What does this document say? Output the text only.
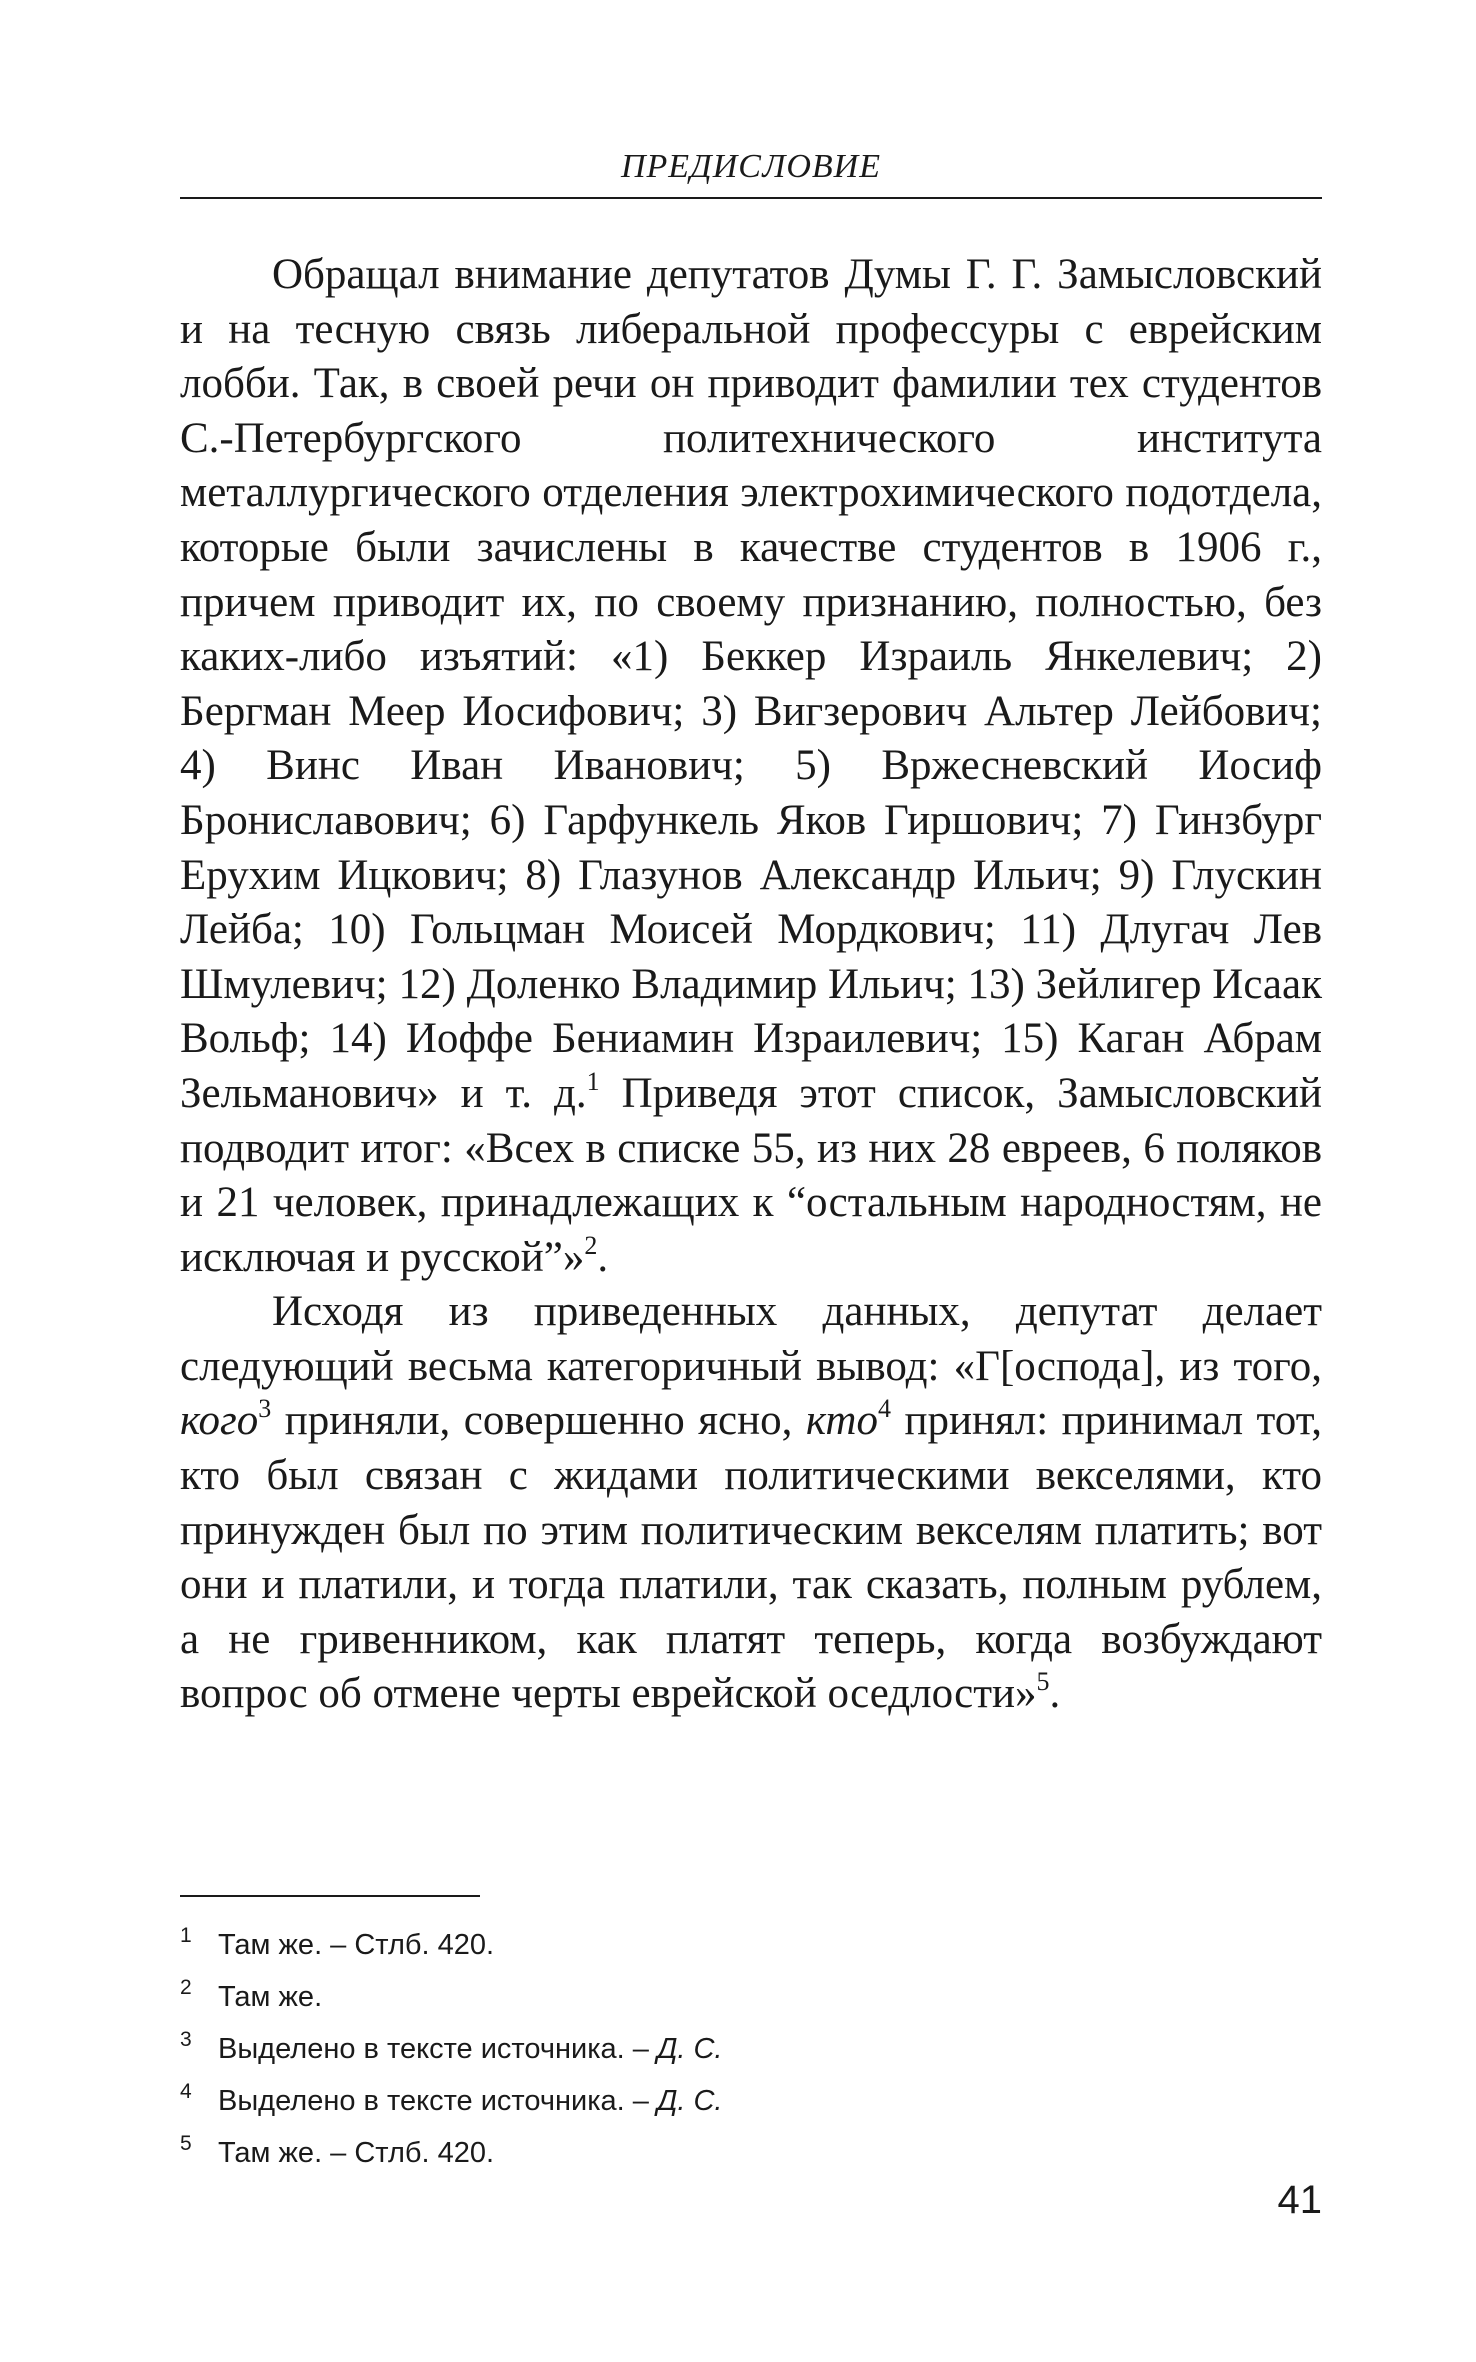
ПРЕДИСЛОВИЕ

Обращал внимание депутатов Думы Г. Г. Замысловский и на тесную связь либеральной профессуры с еврейским лобби. Так, в своей речи он приводит фамилии тех студентов С.-Петербургского политехнического института металлургического отделения электрохимического подотдела, которые были зачислены в качестве студентов в 1906 г., причем приводит их, по своему признанию, полностью, без каких-либо изъятий: «1) Беккер Израиль Янкелевич; 2) Бергман Меер Иосифович; 3) Вигзерович Альтер Лейбович; 4) Винс Иван Иванович; 5) Вржесневский Иосиф Брониславович; 6) Гарфункель Яков Гиршович; 7) Гинзбург Ерухим Ицкович; 8) Глазунов Александр Ильич; 9) Глускин Лейба; 10) Гольцман Моисей Мордкович; 11) Длугач Лев Шмулевич; 12) Доленко Владимир Ильич; 13) Зейлигер Исаак Вольф; 14) Иоффе Бениамин Израилевич; 15) Каган Абрам Зельманович» и т. д.$^1$ Приведя этот список, Замысловский подводит итог: «Всех в списке 55, из них 28 евреев, 6 поляков и 21 человек, принадлежащих к “остальным народностям, не исключая и русской”»$^2$.

Исходя из приведенных данных, депутат делает следующий весьма категоричный вывод: «Г[оспода], из того, кого$^3$ приняли, совершенно ясно, кто$^4$ принял: принимал тот, кто был связан с жидами политическими векселями, кто принужден был по этим политическим векселям платить; вот они и платили, и тогда платили, так сказать, полным рублем, а не гривенником, как платят теперь, когда возбуждают вопрос об отмене черты еврейской оседлости»$^5$.

1 Там же. – Стлб. 420.
2 Там же.
3 Выделено в тексте источника. – Д. С.
4 Выделено в тексте источника. – Д. С.
5 Там же. – Стлб. 420.
41
